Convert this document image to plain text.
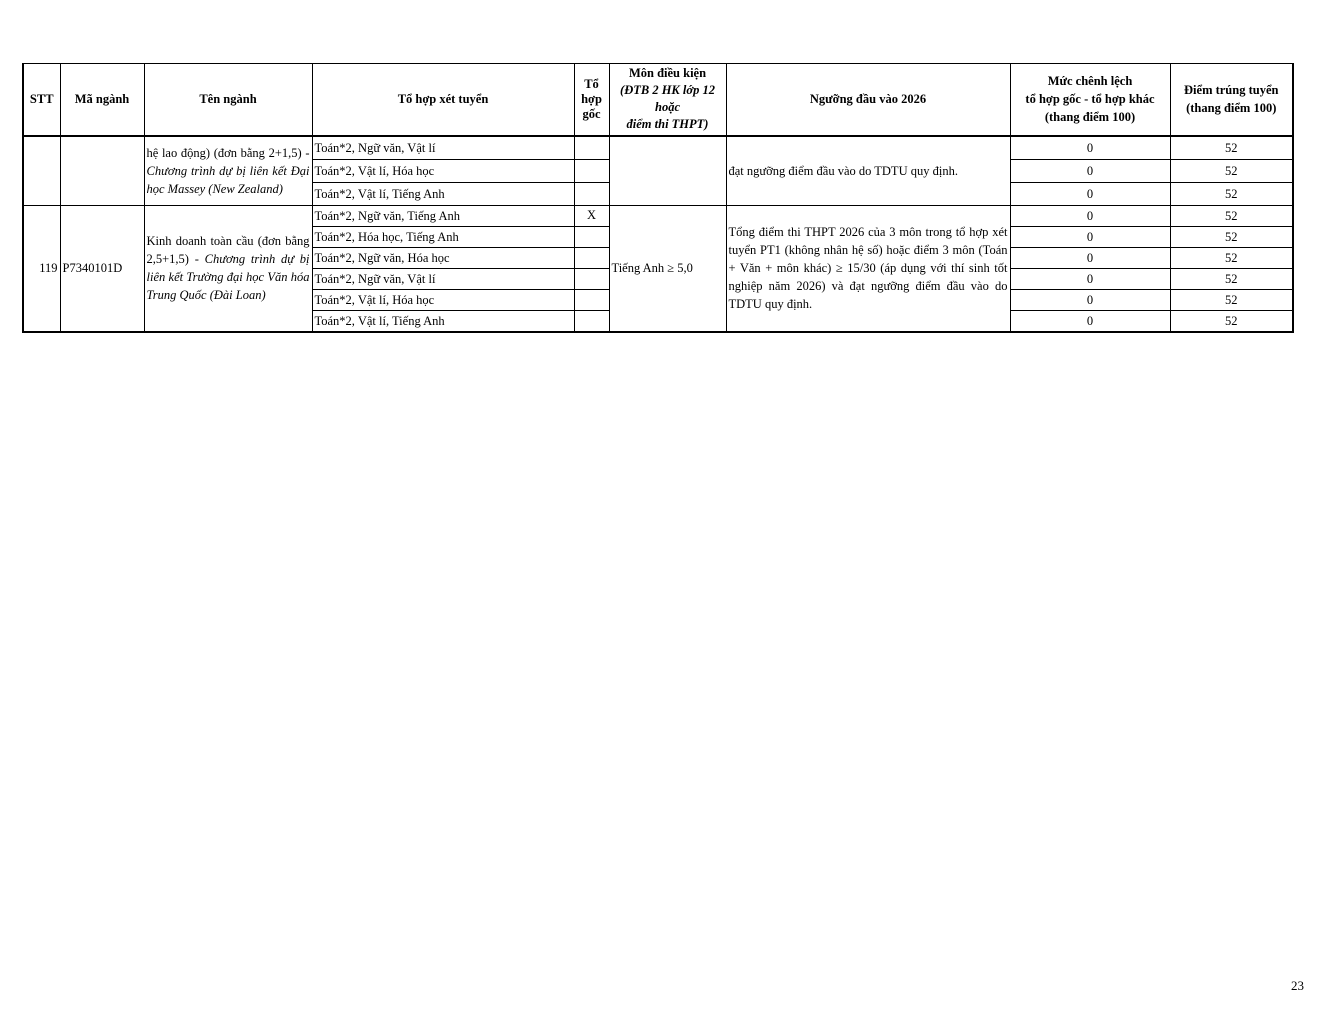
STT	Mã ngành	Tên ngành	Tổ hợp xét tuyển	Tổ
hợp
gốc	Môn điều kiện
(ĐTB 2 HK lớp 12
hoặc
điểm thi THPT)	Ngưỡng đầu vào 2026	Mức chênh lệch
tổ hợp gốc - tổ hợp khác
(thang điểm 100)	Điểm trúng tuyển
(thang điểm 100)
		hệ lao động) (đơn bằng 2+1,5) - Chương trình dự bị liên kết Đại học Massey (New Zealand)	Toán*2, Ngữ văn, Vật lí			đạt ngưỡng điểm đầu vào do TDTU quy định.	0	52
			Toán*2, Vật lí, Hóa học				0	52
			Toán*2, Vật lí, Tiếng Anh				0	52
119	P7340101D	Kinh doanh toàn cầu (đơn bằng 2,5+1,5) - Chương trình dự bị liên kết Trường đại học Văn hóa Trung Quốc (Đài Loan)	Toán*2, Ngữ văn, Tiếng Anh	X	Tiếng Anh ≥ 5,0	Tổng điểm thi THPT 2026 của 3 môn trong tổ hợp xét tuyển PT1 (không nhân hệ số) hoặc điểm 3 môn (Toán + Văn + môn khác) ≥ 15/30 (áp dụng với thí sinh tốt nghiệp năm 2026) và đạt ngưỡng điểm đầu vào do TDTU quy định.	0	52
			Toán*2, Hóa học, Tiếng Anh				0	52
			Toán*2, Ngữ văn, Hóa học				0	52
			Toán*2, Ngữ văn, Vật lí				0	52
			Toán*2, Vật lí, Hóa học				0	52
			Toán*2, Vật lí, Tiếng Anh				0	52
23
